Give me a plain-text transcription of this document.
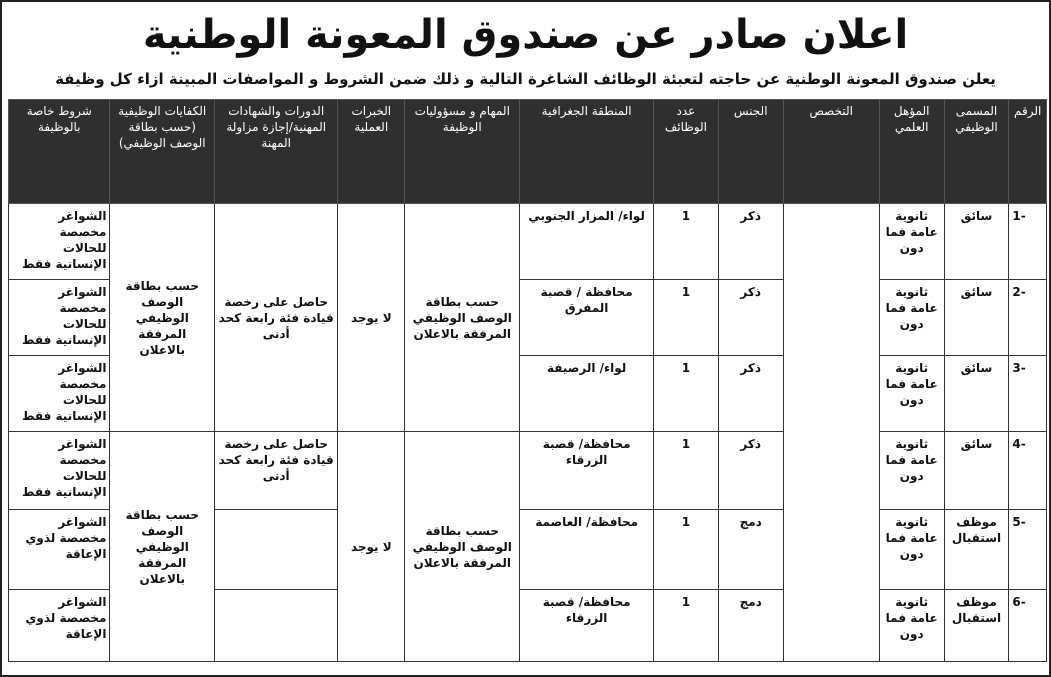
اعلان صادر عن صندوق المعونة الوطنية
يعلن صندوق المعونة الوطنية عن حاجته لتعبئة الوظائف الشاغرة التالية و ذلك ضمن الشروط و المواصفات المبينة ازاء كل وظيفة
الرقم	المسمى الوظيفي	المؤهل العلمي	التخصص	الجنس	عدد الوظائف	المنطقة الجغرافية	المهام و مسؤوليات الوظيفة	الخبرات العملية	الدورات والشهادات المهنية/إجازة مزاولة المهنة	الكفايات الوظيفية (حسب بطاقة الوصف الوظيفي)	شروط خاصة بالوظيفة
-1	سائق	ثانوية عامة فما دون		ذكر	1	لواء/ المزار الجنوبي	حسب بطاقة الوصف الوظيفي المرفقة بالاعلان	لا يوجد	حاصل على رخصة قيادة فئة رابعة كحد أدنى	حسب بطاقة الوصف الوظيفي المرفقة بالاعلان	الشواغر مخصصة للحالات الإنسانية فقط
-2	سائق	ثانوية عامة فما دون		ذكر	1	محافظة / قصبة المفرق					الشواغر مخصصة للحالات الإنسانية فقط
-3	سائق	ثانوية عامة فما دون		ذكر	1	لواء/ الرصيفة					الشواغر مخصصة للحالات الإنسانية فقط
-4	سائق	ثانوية عامة فما دون		ذكر	1	محافظة/ قصبة الزرقاء	حسب بطاقة الوصف الوظيفي المرفقة بالاعلان	لا يوجد	حاصل على رخصة قيادة فئة رابعة كحد أدنى	حسب بطاقة الوصف الوظيفي المرفقة بالاعلان	الشواغر مخصصة للحالات الإنسانية فقط
-5	موظف استقبال	ثانوية عامة فما دون		دمج	1	محافظة/ العاصمة					الشواغر مخصصة لذوي الإعاقة
-6	موظف استقبال	ثانوية عامة فما دون		دمج	1	محافظة/ قصبة الزرقاء					الشواغر مخصصة لذوي الإعاقة
